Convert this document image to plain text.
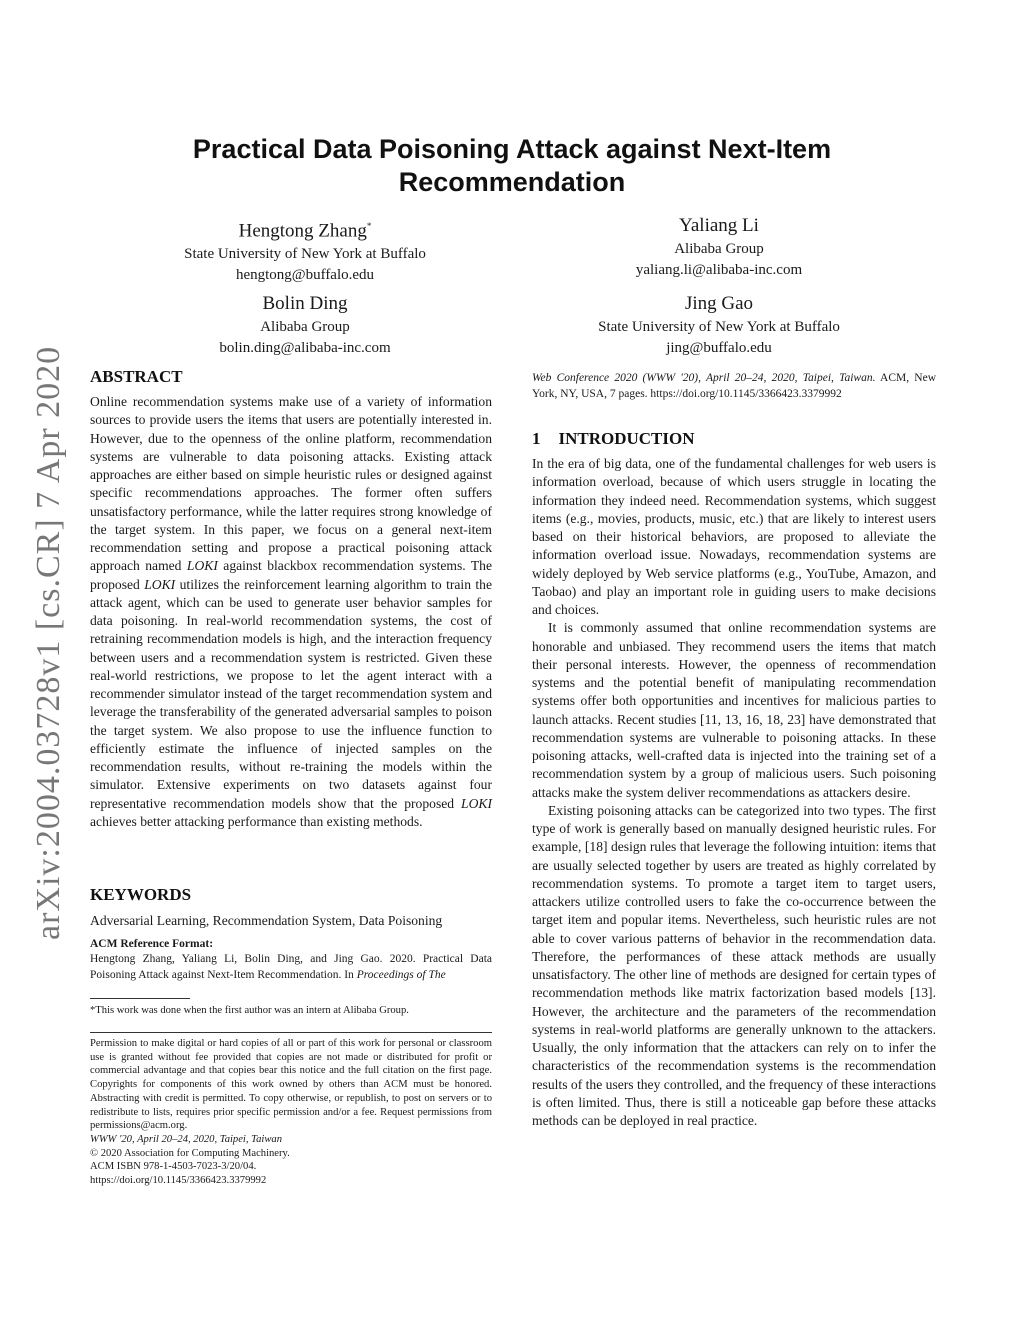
arXiv:2004.03728v1 [cs.CR] 7 Apr 2020
Practical Data Poisoning Attack against Next-Item Recommendation
Hengtong Zhang*
State University of New York at Buffalo
hengtong@buffalo.edu
Yaliang Li
Alibaba Group
yaliang.li@alibaba-inc.com
Bolin Ding
Alibaba Group
bolin.ding@alibaba-inc.com
Jing Gao
State University of New York at Buffalo
jing@buffalo.edu
ABSTRACT

Online recommendation systems make use of a variety of information sources to provide users the items that users are potentially interested in. However, due to the openness of the online platform, recommendation systems are vulnerable to data poisoning attacks. Existing attack approaches are either based on simple heuristic rules or designed against specific recommendations approaches. The former often suffers unsatisfactory performance, while the latter requires strong knowledge of the target system. In this paper, we focus on a general next-item recommendation setting and propose a practical poisoning attack approach named LOKI against blackbox recommendation systems. The proposed LOKI utilizes the reinforcement learning algorithm to train the attack agent, which can be used to generate user behavior samples for data poisoning. In real-world recommendation systems, the cost of retraining recommendation models is high, and the interaction frequency between users and a recommendation system is restricted. Given these real-world restrictions, we propose to let the agent interact with a recommender simulator instead of the target recommendation system and leverage the transferability of the generated adversarial samples to poison the target system. We also propose to use the influence function to efficiently estimate the influence of injected samples on the recommendation results, without re-training the models within the simulator. Extensive experiments on two datasets against four representative recommendation models show that the proposed LOKI achieves better attacking performance than existing methods.

KEYWORDS

Adversarial Learning, Recommendation System, Data Poisoning

ACM Reference Format:

Hengtong Zhang, Yaliang Li, Bolin Ding, and Jing Gao. 2020. Practical Data Poisoning Attack against Next-Item Recommendation. In Proceedings of The

*This work was done when the first author was an intern at Alibaba Group.
Permission to make digital or hard copies of all or part of this work for personal or classroom use is granted without fee provided that copies are not made or distributed for profit or commercial advantage and that copies bear this notice and the full citation on the first page. Copyrights for components of this work owned by others than ACM must be honored. Abstracting with credit is permitted. To copy otherwise, or republish, to post on servers or to redistribute to lists, requires prior specific permission and/or a fee. Request permissions from permissions@acm.org.
WWW '20, April 20–24, 2020, Taipei, Taiwan
© 2020 Association for Computing Machinery.
ACM ISBN 978-1-4503-7023-3/20/04.
https://doi.org/10.1145/3366423.3379992

Web Conference 2020 (WWW '20), April 20–24, 2020, Taipei, Taiwan. ACM, New York, NY, USA, 7 pages. https://doi.org/10.1145/3366423.3379992

1 INTRODUCTION

In the era of big data, one of the fundamental challenges for web users is information overload, because of which users struggle in locating the information they indeed need. Recommendation systems, which suggest items (e.g., movies, products, music, etc.) that are likely to interest users based on their historical behaviors, are proposed to alleviate the information overload issue. Nowadays, recommendation systems are widely deployed by Web service platforms (e.g., YouTube, Amazon, and Taobao) and play an important role in guiding users to make decisions and choices.

It is commonly assumed that online recommendation systems are honorable and unbiased. They recommend users the items that match their personal interests. However, the openness of recommendation systems and the potential benefit of manipulating recommendation systems offer both opportunities and incentives for malicious parties to launch attacks. Recent studies [11, 13, 16, 18, 23] have demonstrated that recommendation systems are vulnerable to poisoning attacks. In these poisoning attacks, well-crafted data is injected into the training set of a recommendation system by a group of malicious users. Such poisoning attacks make the system deliver recommendations as attackers desire.

Existing poisoning attacks can be categorized into two types. The first type of work is generally based on manually designed heuristic rules. For example, [18] design rules that leverage the following intuition: items that are usually selected together by users are treated as highly correlated by recommendation systems. To promote a target item to target users, attackers utilize controlled users to fake the co-occurrence between the target item and popular items. Nevertheless, such heuristic rules are not able to cover various patterns of behavior in the recommendation data. Therefore, the performances of these attack methods are usually unsatisfactory. The other line of methods are designed for certain types of recommendation methods like matrix factorization based models [13]. However, the architecture and the parameters of the recommendation systems in real-world platforms are generally unknown to the attackers. Usually, the only information that the attackers can rely on to infer the characteristics of the recommendation systems is the recommendation results of the users they controlled, and the frequency of these interactions is often limited. Thus, there is still a noticeable gap before these attacks methods can be deployed in real practice.
